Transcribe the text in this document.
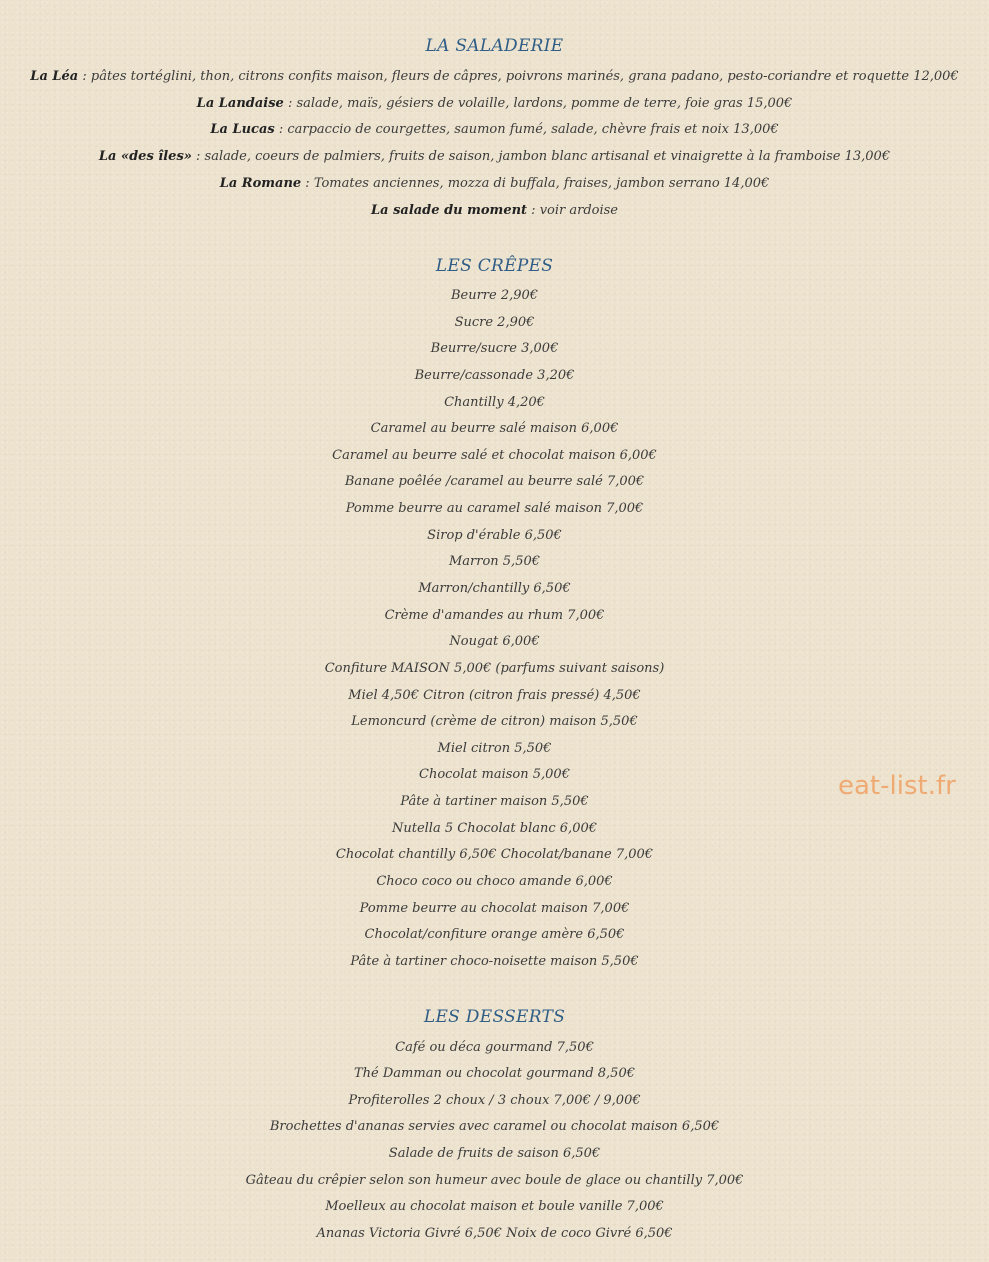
LA SALADERIE
La Léa : pâtes tortéglini, thon, citrons confits maison, fleurs de câpres, poivrons marinés, grana padano, pesto-coriandre et roquette 12,00€
La Landaise : salade, maïs, gésiers de volaille, lardons, pomme de terre, foie gras 15,00€
La Lucas : carpaccio de courgettes, saumon fumé, salade, chèvre frais et noix 13,00€
La «des îles» : salade, coeurs de palmiers, fruits de saison, jambon blanc artisanal et vinaigrette à la framboise 13,00€
La Romane : Tomates anciennes, mozza di buffala, fraises, jambon serrano 14,00€
La salade du moment : voir ardoise
LES CRÊPES
Beurre 2,90€
Sucre 2,90€
Beurre/sucre 3,00€
Beurre/cassonade 3,20€
Chantilly 4,20€
Caramel au beurre salé maison 6,00€
Caramel au beurre salé et chocolat maison 6,00€
Banane poêlée /caramel au beurre salé 7,00€
Pomme beurre au caramel salé maison 7,00€
Sirop d'érable 6,50€
Marron 5,50€
Marron/chantilly 6,50€
Crème d'amandes au rhum 7,00€
Nougat 6,00€
Confiture MAISON 5,00€ (parfums suivant saisons)
Miel 4,50€ Citron (citron frais pressé) 4,50€
Lemoncurd (crème de citron) maison 5,50€
Miel citron 5,50€
Chocolat maison 5,00€
Pâte à tartiner maison 5,50€
Nutella 5 Chocolat blanc 6,00€
Chocolat chantilly 6,50€ Chocolat/banane 7,00€
Choco coco ou choco amande 6,00€
Pomme beurre au chocolat maison 7,00€
Chocolat/confiture orange amère 6,50€
Pâte à tartiner choco-noisette maison 5,50€
LES DESSERTS
Café ou déca gourmand 7,50€
Thé Damman ou chocolat gourmand 8,50€
Profiterolles 2 choux / 3 choux 7,00€ / 9,00€
Brochettes d'ananas servies avec caramel ou chocolat maison 6,50€
Salade de fruits de saison 6,50€
Gâteau du crêpier selon son humeur avec boule de glace ou chantilly 7,00€
Moelleux au chocolat maison et boule vanille 7,00€
Ananas Victoria Givré 6,50€ Noix de coco Givré 6,50€
eat-list.fr
